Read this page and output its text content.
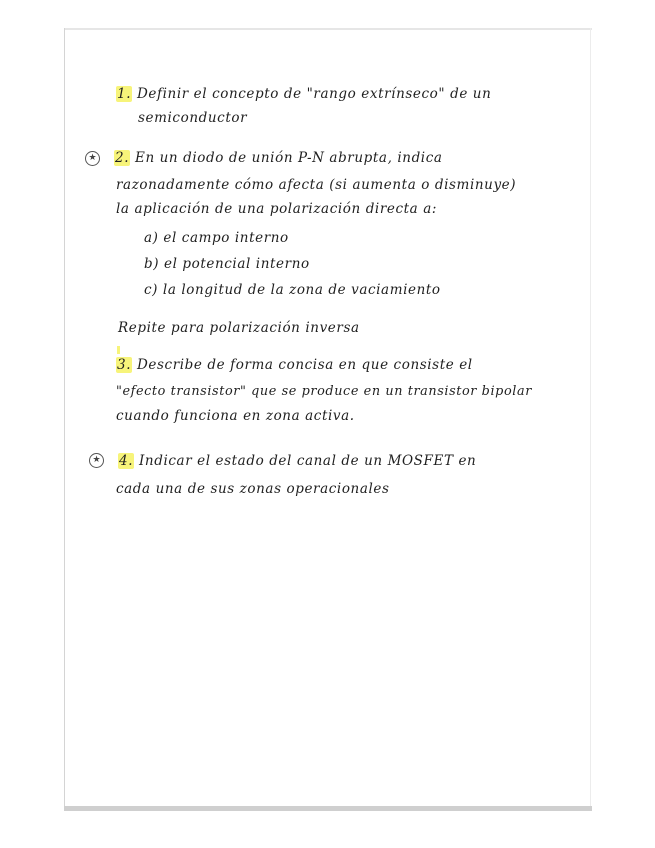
1. Definir el concepto de "rango extrínseco" de un
semiconductor
★ 2. En un diodo de unión P-N abrupta, indica
razonadamente cómo afecta (si aumenta o disminuye)
la aplicación de una polarización directa a:
a) el campo interno
b) el potencial interno
c) la longitud de la zona de vaciamiento
Repite para polarización inversa
3. Describe de forma concisa en que consiste el
"efecto transistor" que se produce en un transistor bipolar
cuando funciona en zona activa.
★ 4. Indicar el estado del canal de un MOSFET en
cada una de sus zonas operacionales
